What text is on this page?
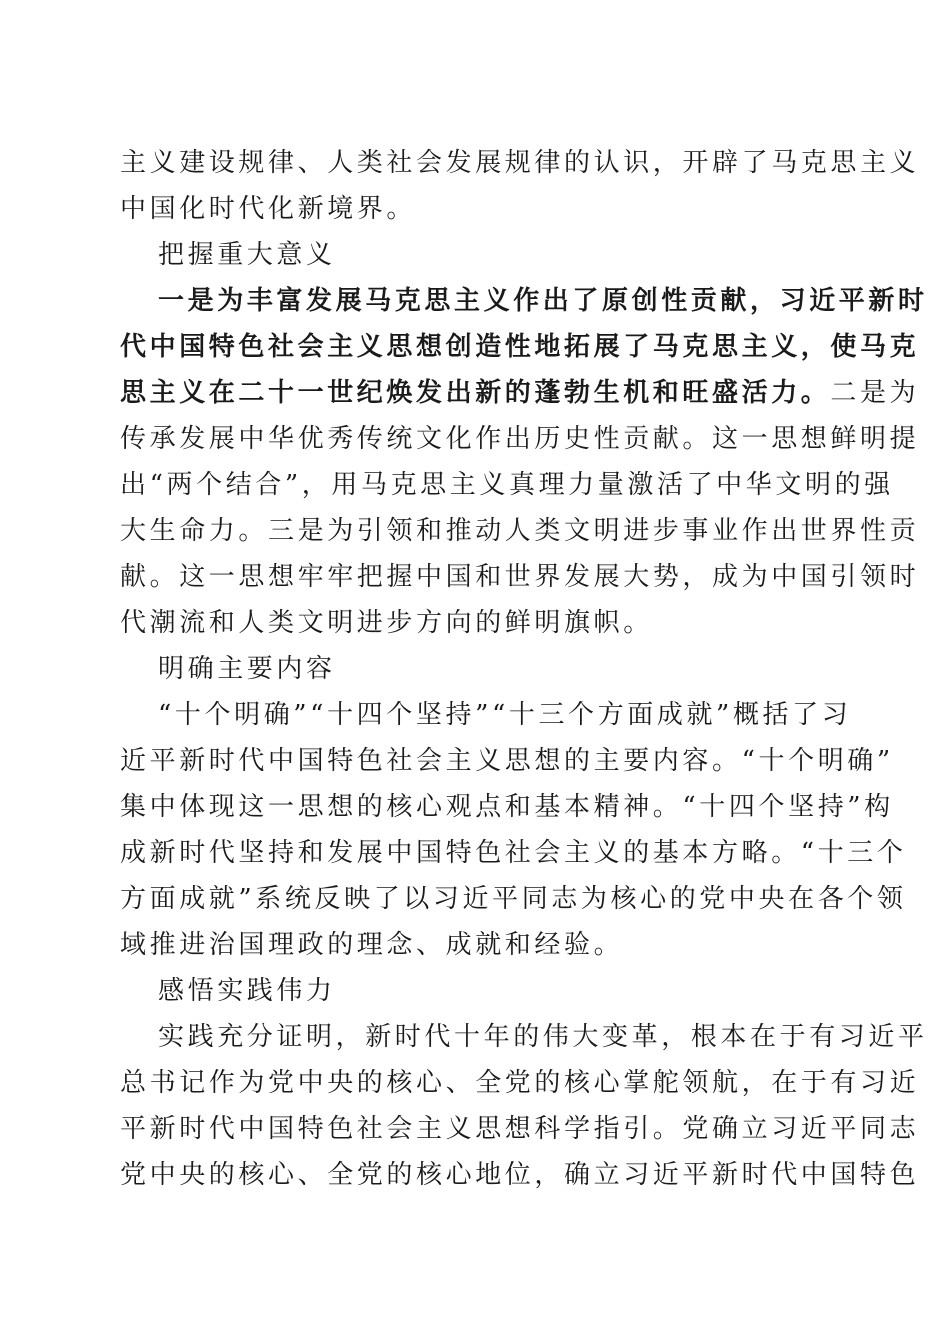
主义建设规律、人类社会发展规律的认识，开辟了马克思主义
中国化时代化新境界。
把握重大意义
一是为丰富发展马克思主义作出了原创性贡献，习近平新时
代中国特色社会主义思想创造性地拓展了马克思主义，使马克
思主义在二十一世纪焕发出新的蓬勃生机和旺盛活力。二是为
传承发展中华优秀传统文化作出历史性贡献。这一思想鲜明提
出“两个结合”，用马克思主义真理力量激活了中华文明的强
大生命力。三是为引领和推动人类文明进步事业作出世界性贡
献。这一思想牢牢把握中国和世界发展大势，成为中国引领时
代潮流和人类文明进步方向的鲜明旗帜。
明确主要内容
“十个明确”“十四个坚持”“十三个方面成就”概括了习
近平新时代中国特色社会主义思想的主要内容。“十个明确”
集中体现这一思想的核心观点和基本精神。“十四个坚持”构
成新时代坚持和发展中国特色社会主义的基本方略。“十三个
方面成就”系统反映了以习近平同志为核心的党中央在各个领
域推进治国理政的理念、成就和经验。
感悟实践伟力
实践充分证明，新时代十年的伟大变革，根本在于有习近平
总书记作为党中央的核心、全党的核心掌舵领航，在于有习近
平新时代中国特色社会主义思想科学指引。党确立习近平同志
党中央的核心、全党的核心地位，确立习近平新时代中国特色
